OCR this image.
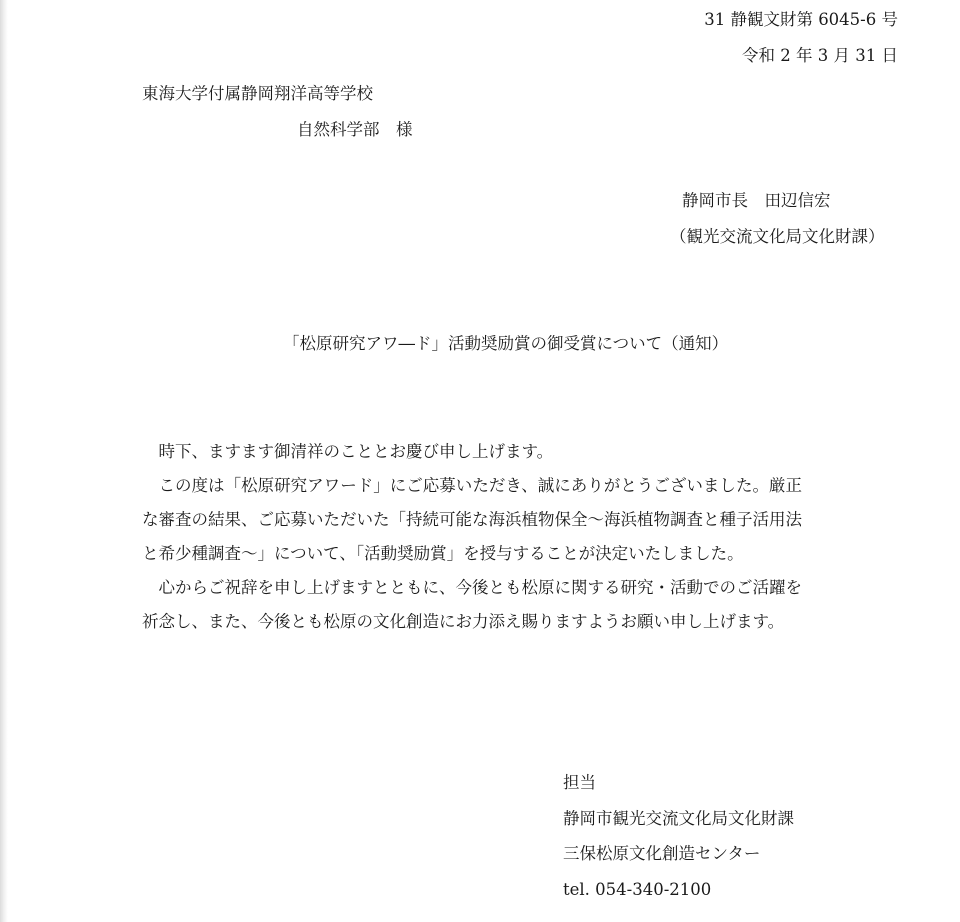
31 静観文財第 6045-6 号
令和 2 年 3 月 31 日
東海大学付属静岡翔洋高等学校
自然科学部　様
静岡市長　田辺信宏
（観光交流文化局文化財課）
「松原研究アワ―ド」活動奨励賞の御受賞について（通知）

時下、ますます御清祥のこととお慶び申し上げます。

この度は「松原研究アワード」にご応募いただき、誠にありがとうございました。厳正な審査の結果、ご応募いただいた「持続可能な海浜植物保全～海浜植物調査と種子活用法と希少種調査～」について、「活動奨励賞」を授与することが決定いたしました。

心からご祝辞を申し上げますとともに、今後とも松原に関する研究・活動でのご活躍を祈念し、また、今後とも松原の文化創造にお力添え賜りますようお願い申し上げます。

担当
静岡市観光交流文化局文化財課
三保松原文化創造センター
tel. 054-340-2100
